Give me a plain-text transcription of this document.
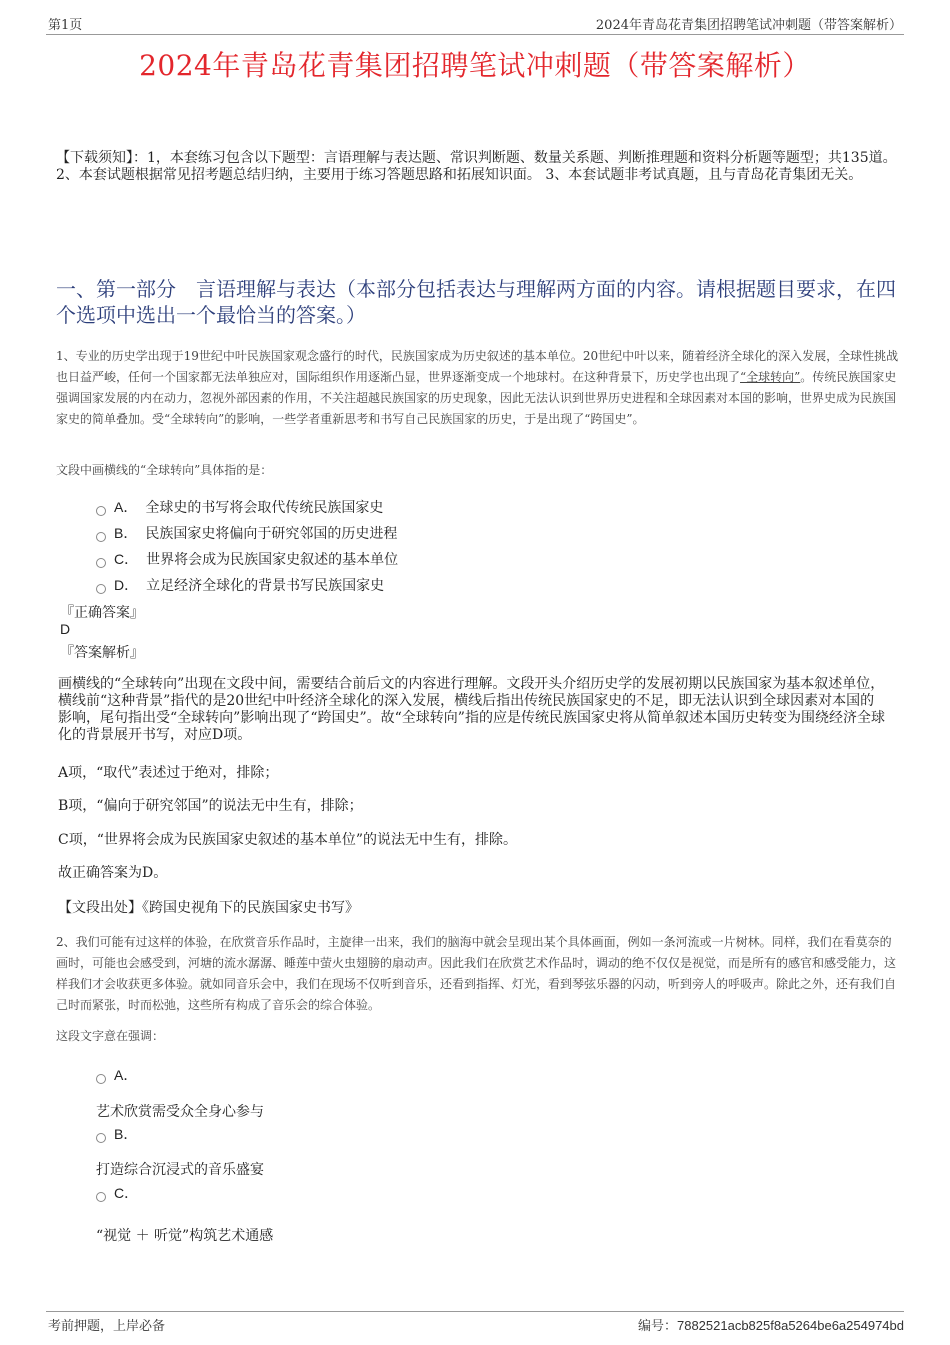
第1页	2024年青岛花青集团招聘笔试冲刺题（带答案解析）
2024年青岛花青集团招聘笔试冲刺题（带答案解析）
【下载须知】：1，本套练习包含以下题型：言语理解与表达题、常识判断题、数量关系题、判断推理题和资料分析题等题型；共135道。 2、本套试题根据常见招考题总结归纳，主要用于练习答题思路和拓展知识面。 3、本套试题非考试真题，且与青岛花青集团无关。
一、第一部分　言语理解与表达（本部分包括表达与理解两方面的内容。请根据题目要求，在四个选项中选出一个最恰当的答案。）
1、专业的历史学出现于19世纪中叶民族国家观念盛行的时代，民族国家成为历史叙述的基本单位。20世纪中叶以来，随着经济全球化的深入发展，全球性挑战也日益严峻，任何一个国家都无法单独应对，国际组织作用逐渐凸显，世界逐渐变成一个地球村。在这种背景下，历史学也出现了“全球转向”。传统民族国家史强调国家发展的内在动力，忽视外部因素的作用，不关注超越民族国家的历史现象，因此无法认识到世界历史进程和全球因素对本国的影响，世界史成为民族国家史的简单叠加。受“全球转向”的影响，一些学者重新思考和书写自己民族国家的历史，于是出现了“跨国史”。
文段中画横线的“全球转向”具体指的是：
A． 全球史的书写将会取代传统民族国家史
B． 民族国家史将偏向于研究邻国的历史进程
C． 世界将会成为民族国家史叙述的基本单位
D． 立足经济全球化的背景书写民族国家史
『正确答案』
D
『答案解析』
画横线的“全球转向”出现在文段中间，需要结合前后文的内容进行理解。文段开头介绍历史学的发展初期以民族国家为基本叙述单位，横线前“这种背景”指代的是20世纪中叶经济全球化的深入发展，横线后指出传统民族国家史的不足，即无法认识到全球因素对本国的影响，尾句指出受“全球转向”影响出现了“跨国史”。故“全球转向”指的应是传统民族国家史将从简单叙述本国历史转变为围绕经济全球化的背景展开书写，对应D项。
A项，“取代”表述过于绝对，排除；
B项，“偏向于研究邻国”的说法无中生有，排除；
C项，“世界将会成为民族国家史叙述的基本单位”的说法无中生有，排除。
故正确答案为D。
【文段出处】《跨国史视角下的民族国家史书写》
2、我们可能有过这样的体验，在欣赏音乐作品时，主旋律一出来，我们的脑海中就会呈现出某个具体画面，例如一条河流或一片树林。同样，我们在看莫奈的画时，可能也会感受到，河塘的流水潺潺、睡莲中萤火虫翅膀的扇动声。因此我们在欣赏艺术作品时，调动的绝不仅仅是视觉，而是所有的感官和感受能力，这样我们才会收获更多体验。就如同音乐会中，我们在现场不仅听到音乐，还看到指挥、灯光，看到琴弦乐器的闪动，听到旁人的呼吸声。除此之外，还有我们自己时而紧张，时而松弛，这些所有构成了音乐会的综合体验。
这段文字意在强调：
A．
艺术欣赏需受众全身心参与
B．
打造综合沉浸式的音乐盛宴
C．
“视觉 ＋ 听觉”构筑艺术通感
考前押题，上岸必备	编号：7882521acb825f8a5264be6a254974bd
